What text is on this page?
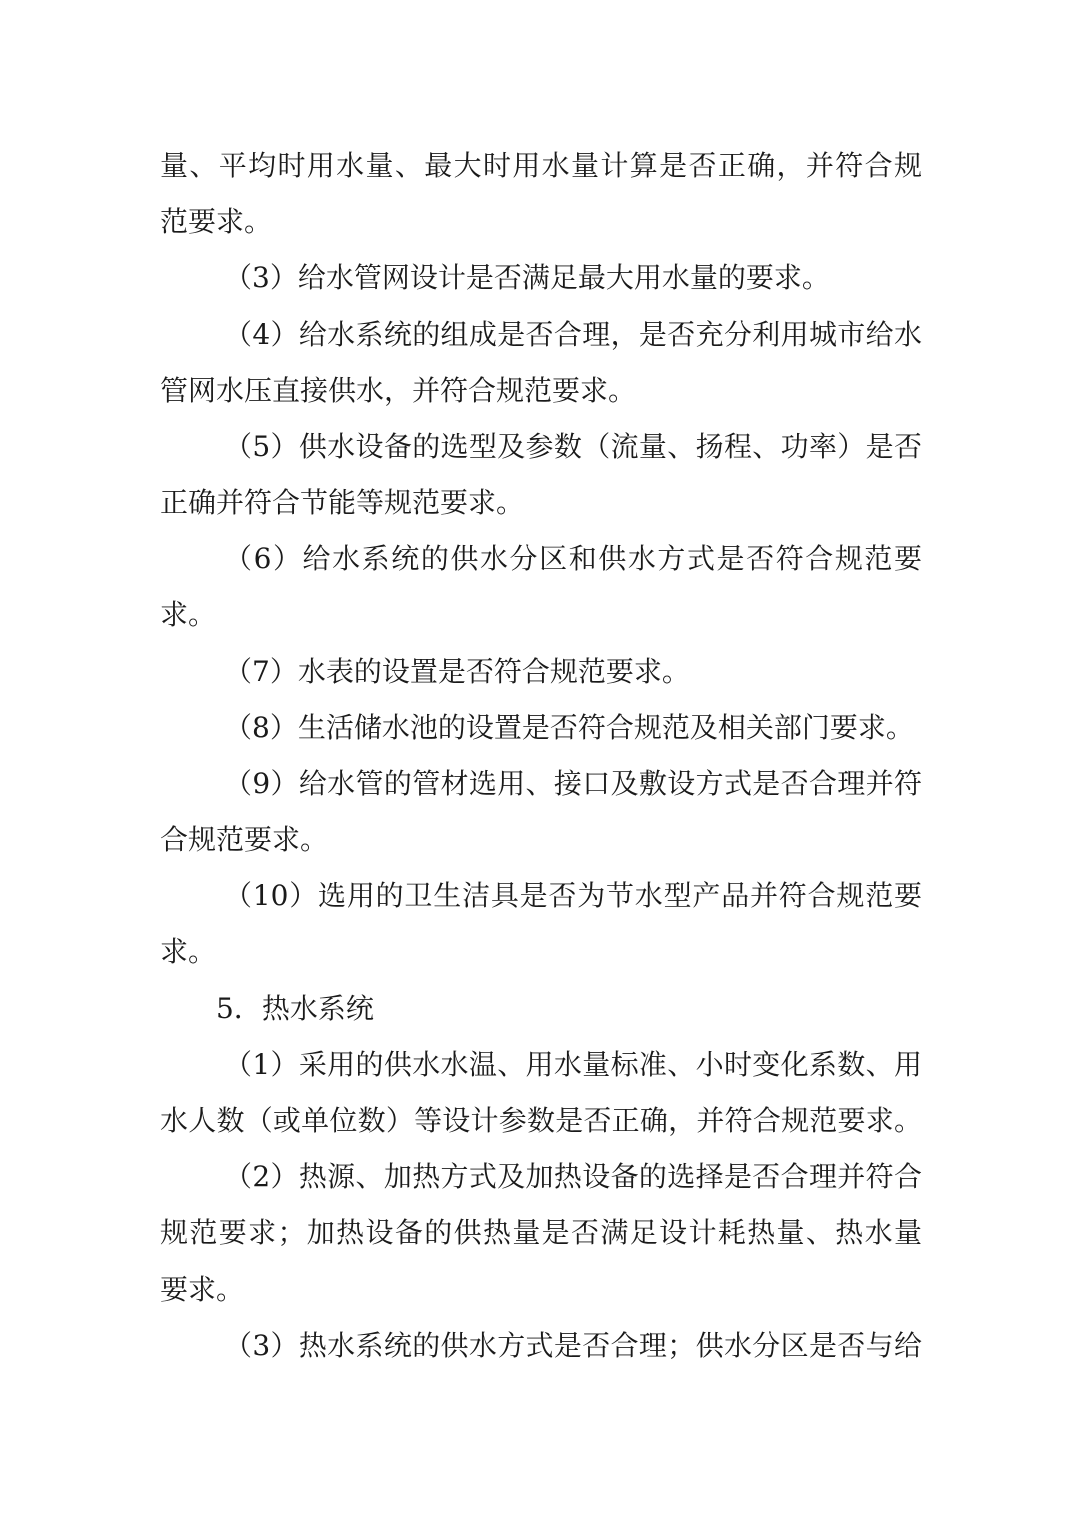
量、平均时用水量、最大时用水量计算是否正确，并符合规
范要求。
（3）给水管网设计是否满足最大用水量的要求。
（4）给水系统的组成是否合理，是否充分利用城市给水
管网水压直接供水，并符合规范要求。
（5）供水设备的选型及参数（流量、扬程、功率）是否
正确并符合节能等规范要求。
（6）给水系统的供水分区和供水方式是否符合规范要
求。
（7）水表的设置是否符合规范要求。
（8）生活储水池的设置是否符合规范及相关部门要求。
（9）给水管的管材选用、接口及敷设方式是否合理并符
合规范要求。
（10）选用的卫生洁具是否为节水型产品并符合规范要
求。
5．热水系统
（1）采用的供水水温、用水量标准、小时变化系数、用
水人数（或单位数）等设计参数是否正确，并符合规范要求。
（2）热源、加热方式及加热设备的选择是否合理并符合
规范要求；加热设备的供热量是否满足设计耗热量、热水量
要求。
（3）热水系统的供水方式是否合理；供水分区是否与给
